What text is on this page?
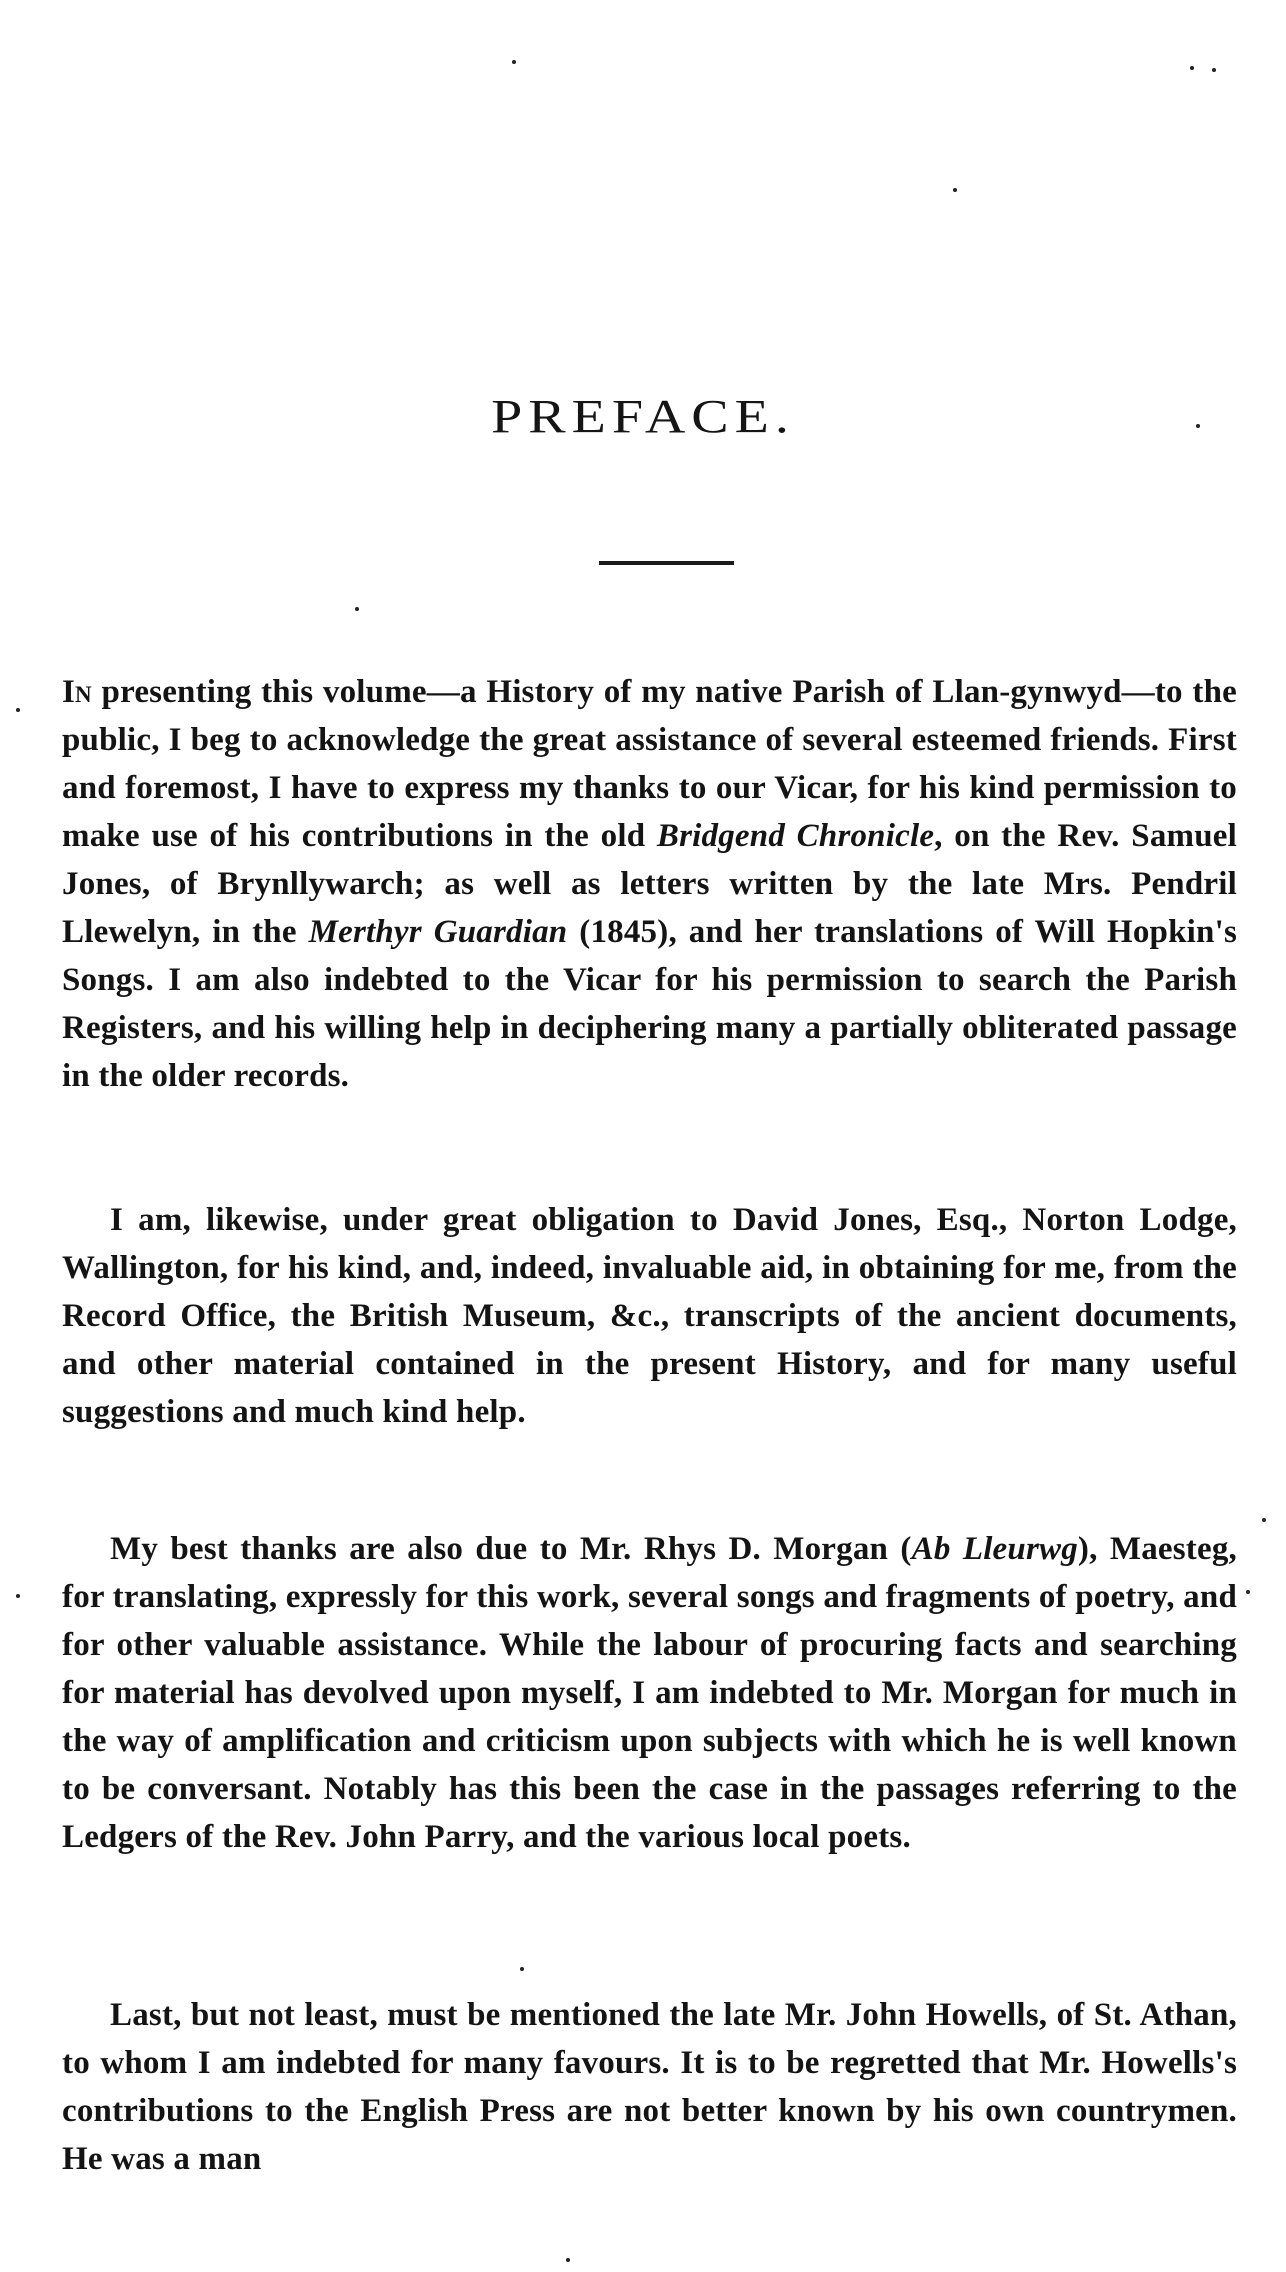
PREFACE.

In presenting this volume—a History of my native Parish of Llan-gynwyd—to the public, I beg to acknowledge the great assistance of several esteemed friends. First and foremost, I have to express my thanks to our Vicar, for his kind permission to make use of his contributions in the old Bridgend Chronicle, on the Rev. Samuel Jones, of Brynllywarch; as well as letters written by the late Mrs. Pendril Llewelyn, in the Merthyr Guardian (1845), and her translations of Will Hopkin's Songs. I am also indebted to the Vicar for his permission to search the Parish Registers, and his willing help in deciphering many a partially obliterated passage in the older records.

I am, likewise, under great obligation to David Jones, Esq., Norton Lodge, Wallington, for his kind, and, indeed, invaluable aid, in obtaining for me, from the Record Office, the British Museum, &c., transcripts of the ancient documents, and other material contained in the present History, and for many useful suggestions and much kind help.

My best thanks are also due to Mr. Rhys D. Morgan (Ab Lleurwg), Maesteg, for translating, expressly for this work, several songs and fragments of poetry, and for other valuable assistance. While the labour of procuring facts and searching for material has devolved upon myself, I am indebted to Mr. Morgan for much in the way of amplification and criticism upon subjects with which he is well known to be conversant. Notably has this been the case in the passages referring to the Ledgers of the Rev. John Parry, and the various local poets.

Last, but not least, must be mentioned the late Mr. John Howells, of St. Athan, to whom I am indebted for many favours. It is to be regretted that Mr. Howells's contributions to the English Press are not better known by his own countrymen. He was a man
